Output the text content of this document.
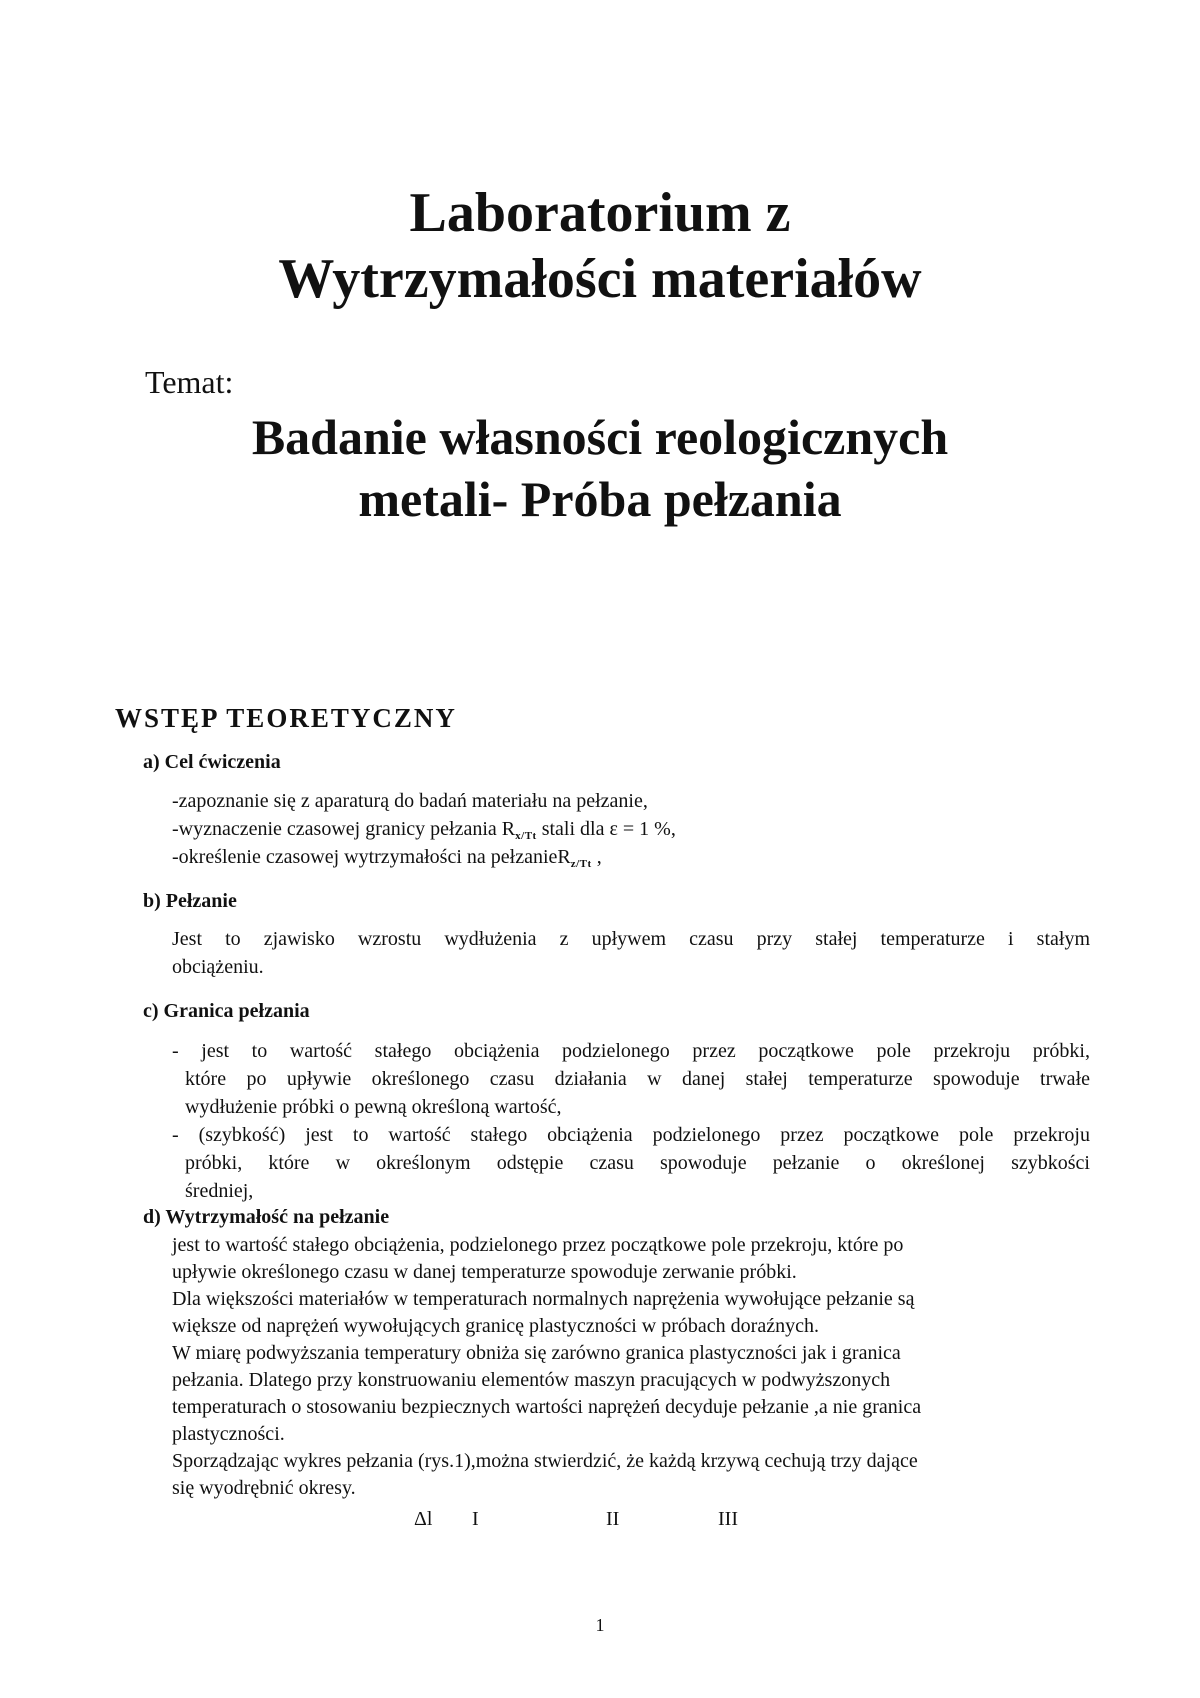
Laboratorium z
Wytrzymałości materiałów
Temat:
Badanie własności reologicznych
metali- Próba pełzania
WSTĘP TEORETYCZNY
a) Cel ćwiczenia
-zapoznanie się z aparaturą do badań materiału na pełzanie,
-wyznaczenie czasowej granicy pełzania $R_{x/Tt}$ stali dla ε = 1 %,
-określenie czasowej wytrzymałości na pełzanieR$_{z/Tt}$ ,
b) Pełzanie
Jest to zjawisko wzrostu wydłużenia z upływem czasu przy stałej temperaturze i stałym
obciążeniu.
c) Granica pełzania
- jest to wartość stałego obciążenia podzielonego przez początkowe pole przekroju próbki,
które po upływie określonego czasu działania w danej stałej temperaturze spowoduje trwałe
wydłużenie próbki o pewną określoną wartość,
- (szybkość) jest to wartość stałego obciążenia podzielonego przez początkowe pole przekroju
próbki, które w określonym odstępie czasu spowoduje pełzanie o określonej szybkości
średniej,
d) Wytrzymałość na pełzanie
jest to wartość stałego obciążenia, podzielonego przez początkowe pole przekroju, które po
upływie określonego czasu w danej temperaturze spowoduje zerwanie próbki.
Dla większości materiałów w temperaturach normalnych naprężenia wywołujące pełzanie są
większe od naprężeń wywołujących granicę plastyczności w próbach doraźnych.
W miarę podwyższania temperatury obniża się zarówno granica plastyczności jak i granica
pełzania. Dlatego przy konstruowaniu elementów maszyn pracujących w podwyższonych
temperaturach o stosowaniu bezpiecznych wartości naprężeń decyduje pełzanie ,a nie granica
plastyczności.
Sporządzając wykres pełzania (rys.1),można stwierdzić, że każdą krzywą cechują trzy dające
się wyodrębnić okresy.
Δl I	II	III
1
